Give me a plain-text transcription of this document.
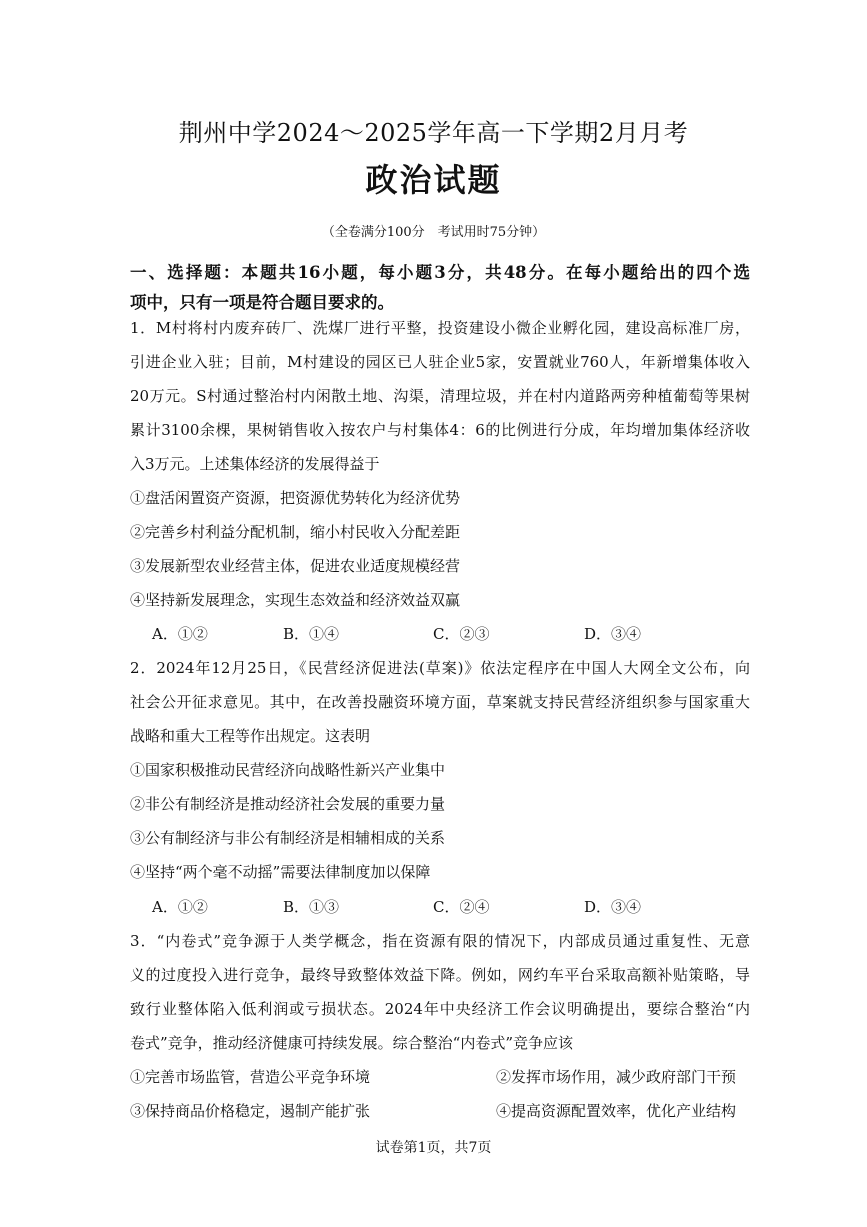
荆州中学2024～2025学年高一下学期2月月考
政治试题
（全卷满分100分　考试用时75分钟）
一、选择题：本题共16小题，每小题3分，共48分。在每小题给出的四个选
项中，只有一项是符合题目要求的。
1．M村将村内废弃砖厂、洗煤厂进行平整，投资建设小微企业孵化园，建设高标准厂房，
引进企业入驻；目前，M村建设的园区已人驻企业5家，安置就业760人，年新增集体收入
20万元。S村通过整治村内闲散土地、沟渠，清理垃圾，并在村内道路两旁种植葡萄等果树
累计3100余棵，果树销售收入按农户与村集体4：6的比例进行分成，年均增加集体经济收
入3万元。上述集体经济的发展得益于
①盘活闲置资产资源，把资源优势转化为经济优势
②完善乡村利益分配机制，缩小村民收入分配差距
③发展新型农业经营主体，促进农业适度规模经营
④坚持新发展理念，实现生态效益和经济效益双赢
A．①②	B．①④	C．②③	D．③④
2．2024年12月25日，《民营经济促进法(草案)》依法定程序在中国人大网全文公布，向
社会公开征求意见。其中，在改善投融资环境方面，草案就支持民营经济组织参与国家重大
战略和重大工程等作出规定。这表明
①国家积极推动民营经济向战略性新兴产业集中
②非公有制经济是推动经济社会发展的重要力量
③公有制经济与非公有制经济是相辅相成的关系
④坚持“两个毫不动摇”需要法律制度加以保障
A．①②	B．①③	C．②④	D．③④
3．“内卷式”竞争源于人类学概念，指在资源有限的情况下，内部成员通过重复性、无意
义的过度投入进行竞争，最终导致整体效益下降。例如，网约车平台采取高额补贴策略，导
致行业整体陷入低利润或亏损状态。2024年中央经济工作会议明确提出，要综合整治“内
卷式”竞争，推动经济健康可持续发展。综合整治“内卷式”竞争应该
①完善市场监管，营造公平竞争环境	②发挥市场作用，减少政府部门干预
③保持商品价格稳定，遏制产能扩张	④提高资源配置效率，优化产业结构
试卷第1页，共7页
